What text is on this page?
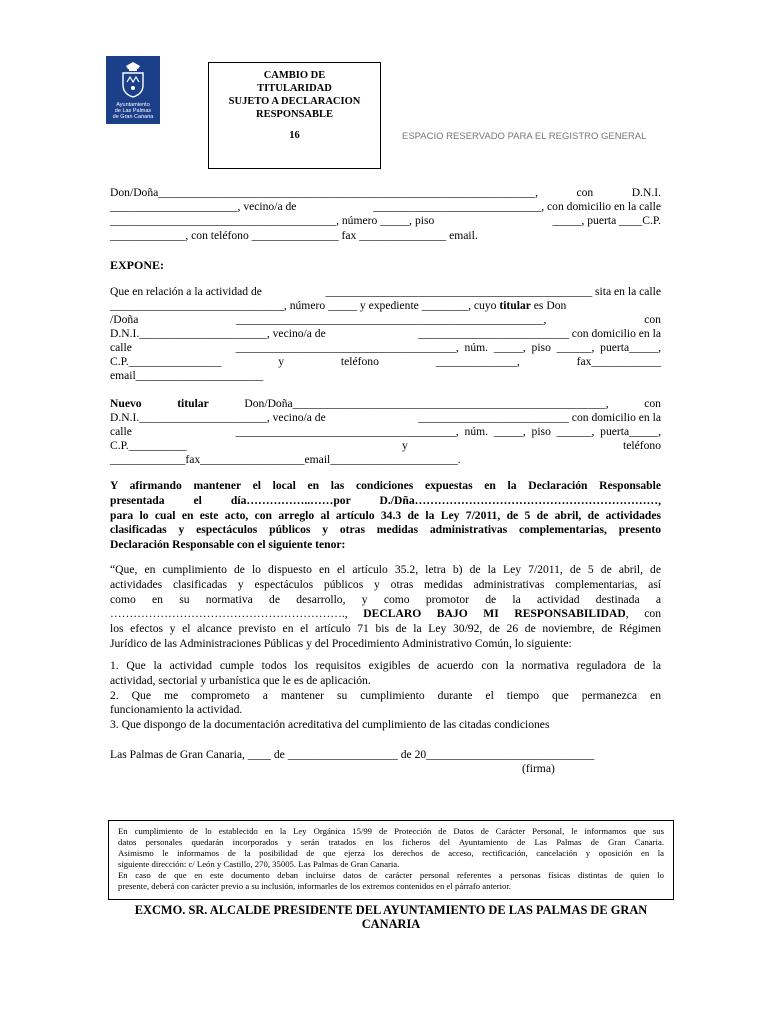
Ayuntamiento
de Las Palmas
de Gran Canaria
CAMBIO DE
TITULARIDAD
SUJETO A DECLARACION
RESPONSABLE
16	ESPACIO RESERVADO PARA EL REGISTRO GENERAL
Don/Doña_________________________________________________________________,	con	D.N.I.
______________________, vecino/a de	_____________________________, con domicilio en la calle
_______________________________________, número _____, piso	_____, puerta ____C.P.
_____________, con teléfono _______________ fax _______________ email.
EXPONE:
Que en relación a la actividad de	______________________________________________ sita en la calle
______________________________, número _____ y expediente ________, cuyo titular es Don
/Doña	_____________________________________________________,	con
D.N.I.______________________, vecino/a de	__________________________ con domicilio en la
calle	______________________________________,  núm.  _____,  piso  ______,  puerta_____,
C.P.________________	y	teléfono	______________,	fax____________
email______________________
Nuevo	titular	Don/Doña______________________________________________________,	con
D.N.I.______________________, vecino/a de	__________________________ con domicilio en la
calle	______________________________________,  núm.  _____,  piso  ______,  puerta_____,
C.P.__________	y	teléfono
_____________fax__________________email______________________.
Y afirmando mantener el local en las condiciones expuestas en la Declaración Responsable
presentada el día……………..……por D./Dña………………………………………………………,
para lo cual en este acto, con arreglo al artículo 34.3 de la Ley 7/2011, de 5 de abril, de actividades
clasificadas y espectáculos públicos y otras medidas administrativas complementarias, presento
Declaración Responsable con el siguiente tenor:
“Que, en cumplimiento de lo dispuesto en el artículo 35.2, letra b) de la Ley 7/2011, de 5 de abril, de
actividades clasificadas y espectáculos públicos y otras medidas administrativas complementarias, así
como en su normativa de desarrollo, y como promotor de la actividad destinada a
……………………………………………………., DECLARO BAJO MI RESPONSABILIDAD, con
los efectos y el alcance previsto en el artículo 71 bis de la Ley 30/92, de 26 de noviembre, de Régimen
Jurídico de las Administraciones Públicas y del Procedimiento Administrativo Común, lo siguiente:
1. Que la actividad cumple todos los requisitos exigibles de acuerdo con la normativa reguladora de la
actividad, sectorial y urbanística que le es de aplicación.
2. Que me comprometo a mantener su cumplimiento durante el tiempo que permanezca en
funcionamiento la actividad.
3. Que dispongo de la documentación acreditativa del cumplimiento de las citadas condiciones
Las Palmas de Gran Canaria, ____ de ___________________ de 20_____________________________
(firma)
En cumplimiento de lo establecido en la Ley Orgánica 15/99 de Protección de Datos de Carácter Personal, le informamos que sus
datos personales quedarán incorporados y serán tratados en los ficheros del Ayuntamiento de Las Palmas de Gran Canaria.
Asimismo le informamos de la posibilidad de que ejerza los derechos de acceso, rectificación, cancelación y oposición en la
siguiente dirección: c/ León y Castillo, 270, 35005. Las Palmas de Gran Canaria.
En caso de que en este documento deban incluirse datos de carácter personal referentes a personas físicas distintas de quien lo
presente, deberá con carácter previo a su inclusión, informarles de los extremos contenidos en el párrafo anterior.
EXCMO. SR. ALCALDE PRESIDENTE DEL AYUNTAMIENTO DE LAS PALMAS DE GRAN
CANARIA
